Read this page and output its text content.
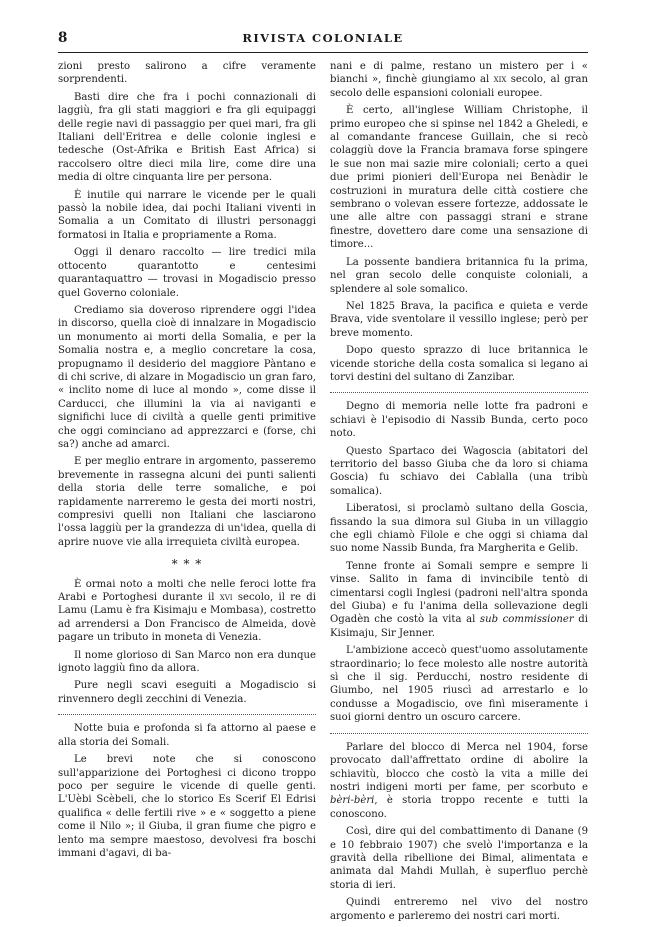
8	RIVISTA COLONIALE

zioni presto salirono a cifre veramente sorprendenti.

Basti dire che fra i pochi connazionali di laggiù, fra gli stati maggiori e fra gli equipaggi delle regie navi di passaggio per quei mari, fra gli Italiani dell'Eritrea e delle colonie inglesi e tedesche (Ost-Afrika e British East Africa) si raccolsero oltre dieci mila lire, come dire una media di oltre cinquanta lire per persona.

È inutile qui narrare le vicende per le quali passò la nobile idea, dai pochi Italiani viventi in Somalia a un Comitato di illustri personaggi formatosi in Italia e propriamente a Roma.

Oggi il denaro raccolto — lire tredici mila ottocento quarantotto e centesimi quarantaquattro — trovasi in Mogadiscio presso quel Governo coloniale.

Crediamo sia doveroso riprendere oggi l'idea in discorso, quella cioè di innalzare in Mogadiscio un monumento ai morti della Somalia, e per la Somalia nostra e, a meglio concretare la cosa, propugnamo il desiderio del maggiore Pàntano e di chi scrive, di alzare in Mogadiscio un gran faro, « inclito nome di luce al mondo », come disse il Carducci, che illumini la via ai naviganti e significhi luce di civiltà a quelle genti primitive che oggi cominciano ad apprezzarci e (forse, chi sa?) anche ad amarci.

E per meglio entrare in argomento, passeremo brevemente in rassegna alcuni dei punti salienti della storia delle terre somaliche, e poi rapidamente narreremo le gesta dei morti nostri, compresivi quelli non Italiani che lasciarono l'ossa laggiù per la grandezza di un'idea, quella di aprire nuove vie alla irrequieta civiltà europea.

* * *

È ormai noto a molti che nelle feroci lotte fra Arabi e Portoghesi durante il xvi secolo, il re di Lamu (Lamu è fra Kisimaju e Mombasa), costretto ad arrendersi a Don Francisco de Almeida, dovè pagare un tributo in moneta di Venezia.

Il nome glorioso di San Marco non era dunque ignoto laggiù fino da allora.

Pure negli scavi eseguiti a Mogadiscio si rinvennero degli zecchini di Venezia.

Notte buia e profonda si fa attorno al paese e alla storia dei Somali.

Le brevi note che si conoscono sull'apparizione dei Portoghesi ci dicono troppo poco per seguire le vicende di quelle genti. L'Uèbi Scèbeli, che lo storico Es Scerif El Edrisi qualifica « delle fertili rive » e « soggetto a piene come il Nilo »; il Giuba, il gran fiume che pigro e lento ma sempre maestoso, devolvesi fra boschi immani d'agavi, di ba-

nani e di palme, restano un mistero per i « bianchi », finchè giungiamo al xix secolo, al gran secolo delle espansioni coloniali europee.

È certo, all'inglese William Christophe, il primo europeo che si spinse nel 1842 a Gheledi, e al comandante francese Guillain, che si recò colaggiù dove la Francia bramava forse spingere le sue non mai sazie mire coloniali; certo a quei due primi pionieri dell'Europa nei Benàdir le costruzioni in muratura delle città costiere che sembrano o volevan essere fortezze, addossate le une alle altre con passaggi strani e strane finestre, dovettero dare come una sensazione di timore...

La possente bandiera britannica fu la prima, nel gran secolo delle conquiste coloniali, a splendere al sole somalico.

Nel 1825 Brava, la pacifica e quieta e verde Brava, vide sventolare il vessillo inglese; però per breve momento.

Dopo questo sprazzo di luce britannica le vicende storiche della costa somalica si legano ai torvi destini del sultano di Zanzibar.

Degno di memoria nelle lotte fra padroni e schiavi è l'episodio di Nassib Bunda, certo poco noto.

Questo Spartaco dei Wagoscia (abitatori del territorio del basso Giuba che da loro si chiama Goscia) fu schiavo dei Cablalla (una tribù somalica).

Liberatosi, si proclamò sultano della Goscia, fissando la sua dimora sul Giuba in un villaggio che egli chiamò Filole e che oggi si chiama dal suo nome Nassib Bunda, fra Margherita e Gelib.

Tenne fronte ai Somali sempre e sempre li vinse. Salito in fama di invincibile tentò di cimentarsi cogli Inglesi (padroni nell'altra sponda del Giuba) e fu l'anima della sollevazione degli Ogadèn che costò la vita al sub commissioner di Kisimaju, Sir Jenner.

L'ambizione accecò quest'uomo assolutamente straordinario; lo fece molesto alle nostre autorità sì che il sig. Perducchi, nostro residente di Giumbo, nel 1905 riuscì ad arrestarlo e lo condusse a Mogadiscio, ove finì miseramente i suoi giorni dentro un oscuro carcere.

Parlare del blocco di Merca nel 1904, forse provocato dall'affrettato ordine di abolire la schiavitù, blocco che costò la vita a mille dei nostri indigeni morti per fame, per scorbuto e bèri-bèri, è storia troppo recente e tutti la conoscono.

Così, dire qui del combattimento di Danane (9 e 10 febbraio 1907) che svelò l'importanza e la gravità della ribellione dei Bimal, alimentata e animata dal Mahdi Mullah, è superfluo perchè storia di ieri.

Quindi entreremo nel vivo del nostro argomento e parleremo dei nostri cari morti.
